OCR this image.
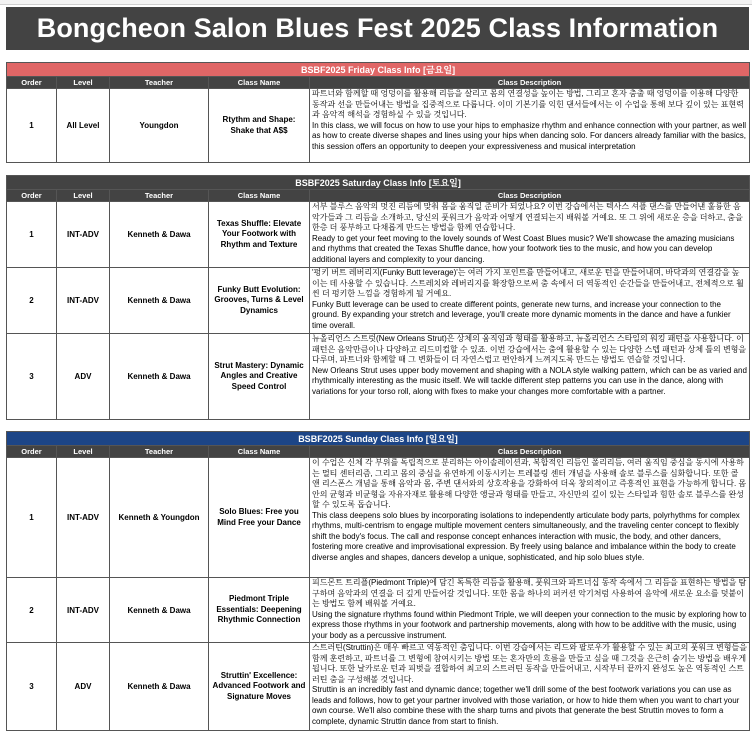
Bongcheon Salon Blues Fest 2025 Class Information
BSBF2025 Friday Class Info [금요일]				
Order	Level	Teacher	Class Name	Class Description
1	All Level	Youngdon	Rtythm and Shape: Shake that A$$	파트너와 함께할 때 엉덩이를 활용해 리듬을 살리고 몸의 연결성을 높이는 방법, 그리고 혼자 춤출 때 엉덩이를 이용해 다양한 동작과 선을 만들어내는 방법을 집중적으로 다룹니다. 이미 기본기를 익힌 댄서들에서는 이 수업을 통해 보다 깊이 있는 표현력과 음악적 해석을 경험하실 수 있을 것입니다.
In this class, we will focus on how to use your hips to emphasize rhythm and enhance connection with your partner, as well as how to create diverse shapes and lines using your hips when dancing solo. For dancers already familiar with the basics, this session offers an opportunity to deepen your expressiveness and musical interpretation
BSBF2025 Saturday Class Info [토요일]				
Order	Level	Teacher	Class Name	Class Description
1	INT-ADV	Kenneth & Dawa	Texas Shuffle: Elevate Your Footwork with Rhythm and Texture	서부 블루스 음악의 멋진 리듬에 맞춰 몸을 움직일 준비가 되었나요? 이번 강습에서는 텍사스 셔플 댄스를 만들어낸 훌륭한 음악가들과 그 리듬을 소개하고, 당신의 풋워크가 음악과 어떻게 연결되는지 배워볼 거예요. 또 그 위에 새로운 층을 더하고, 춤을 한층 더 풍부하고 다채롭게 만드는 방법을 함께 연습합니다.
Ready to get your feet moving to the lovely sounds of West Coast Blues music? We'll showcase the amazing musicians and rhythms that created the Texas Shuffle dance, how your footwork ties to the music, and how you can develop additional layers and complexity to your dancing.

2	INT-ADV	Kenneth & Dawa	Funky Butt Evolution: Grooves, Turns & Level Dynamics	'펑키 버트 레버리지(Funky Butt leverage)'는 여러 가지 포인트를 만들어내고, 새로운 턴을 만들어내며, 바닥과의 연결감을 높이는 데 사용할 수 있습니다. 스트레치와 레버리지를 확장함으로써 춤 속에서 더 역동적인 순간들을 만들어내고, 전체적으로 훨씬 더 펑키한 느낌을 경험하게 될 거예요.
Funky Butt leverage can be used to create different points, generate new turns, and increase your connection to the ground. By expanding your stretch and leverage, you'll create more dynamic moments in the dance and have a funkier time overall.

3	ADV	Kenneth & Dawa	Strut Mastery: Dynamic Angles and Creative Speed Control	뉴올리언스 스트럿(New Orleans Strut)은 상체의 움직임과 형태를 활용하고, 뉴올리언스 스타일의 워킹 패턴을 사용합니다. 이 패턴은 음악만큼이나 다양하고 리드미컬할 수 있죠. 이번 강습에서는 춤에 활용할 수 있는 다양한 스텝 패턴과 상체 틀의 변형을 다루며, 파트너와 함께할 때 그 변화들이 더 자연스럽고 편안하게 느껴지도록 만드는 방법도 연습할 것입니다.
New Orleans Strut uses upper body movement and shaping with a NOLA style walking pattern, which can be as varied and rhythmically interesting as the music itself. We will tackle different step patterns you can use in the dance, along with variations for your torso roll, along with fixes to make your changes more comfortable with a partner.
BSBF2025 Sunday Class Info [일요일]				
Order	Level	Teacher	Class Name	Class Description
1	INT-ADV	Kenneth & Youngdon	Solo Blues: Free you Mind Free your Dance	이 수업은 신체 각 부위를 독립적으로 분리하는 아이솔레이션과, 복합적인 리듬인 폴리리듬, 여러 움직임 중심을 동시에 사용하는 멀티 센터리즘, 그리고 몸의 중심을 유연하게 이동시키는 트레블링 센터 개념을 사용해 솔로 블루스를 심화합니다. 또한 콜 앤 리스폰스 개념을 통해 음악과 몸, 주변 댄서와의 상호작용을 강화하여 더욱 창의적이고 즉흥적인 표현을 가능하게 합니다. 몸 안의 균형과 비균형을 자유자재로 활용해 다양한 앵글과 형태를 만들고, 자신만의 깊이 있는 스타일과 힘한 솔로 블루스를 완성할 수 있도록 돕습니다.
This class deepens solo blues by incorporating isolations to independently articulate body parts, polyrhythms for complex rhythms, multi-centrism to engage multiple movement centers simultaneously, and the traveling center concept to flexibly shift the body's focus. The call and response concept enhances interaction with music, the body, and other dancers, fostering more creative and improvisational expression. By freely using balance and imbalance within the body to create diverse angles and shapes, dancers develop a unique, sophisticated, and hip solo blues style.

2	INT-ADV	Kenneth & Dawa	Piedmont Triple Essentials: Deepening Rhythmic Connection	피드몬트 트리플(Piedmont Triple)에 담긴 독특한 리듬을 활용해, 풋워크와 파트너십 동작 속에서 그 리듬을 표현하는 방법을 탐구하며 음악과의 연결을 더 깊게 만들어갈 것입니다. 또한 몸을 하나의 퍼커션 악기처럼 사용하여 음악에 새로운 요소를 덧붙이는 방법도 함께 배워볼 거예요.
Using the signature rhythms found within Piedmont Triple, we will deepen your connection to the music by exploring how to express those rhythms in your footwork and partnership movements, along with how to be additive with the music, using your body as a percussive instrument.

3	ADV	Kenneth & Dawa	Struttin' Excellence: Advanced Footwork and Signature Moves	스트러틴(Struttin)은 매우 빠르고 역동적인 춤입니다. 이번 강습에서는 리드와 팔로우가 활용할 수 있는 최고의 풋워크 변형들을 함께 훈련하고, 파트너를 그 변형에 참여시키는 방법 또는 혼자만의 흐름을 만들고 싶을 때 그것을 은근히 숨기는 방법을 배우게 됩니다. 또한 날카로운 턴과 피벗을 결합하여 최고의 스트러틴 동작을 만들어내고, 시작부터 끝까지 완성도 높은 역동적인 스트러틴 춤을 구성해볼 것입니다.
Struttin is an incredibly fast and dynamic dance; together we'll drill some of the best footwork variations you can use as leads and follows, how to get your partner involved with those variation, or how to hide them when you want to chart your own course. We'll also combine these with the sharp turns and pivots that generate the best Struttin moves to form a complete, dynamic Struttin dance from start to finish.
